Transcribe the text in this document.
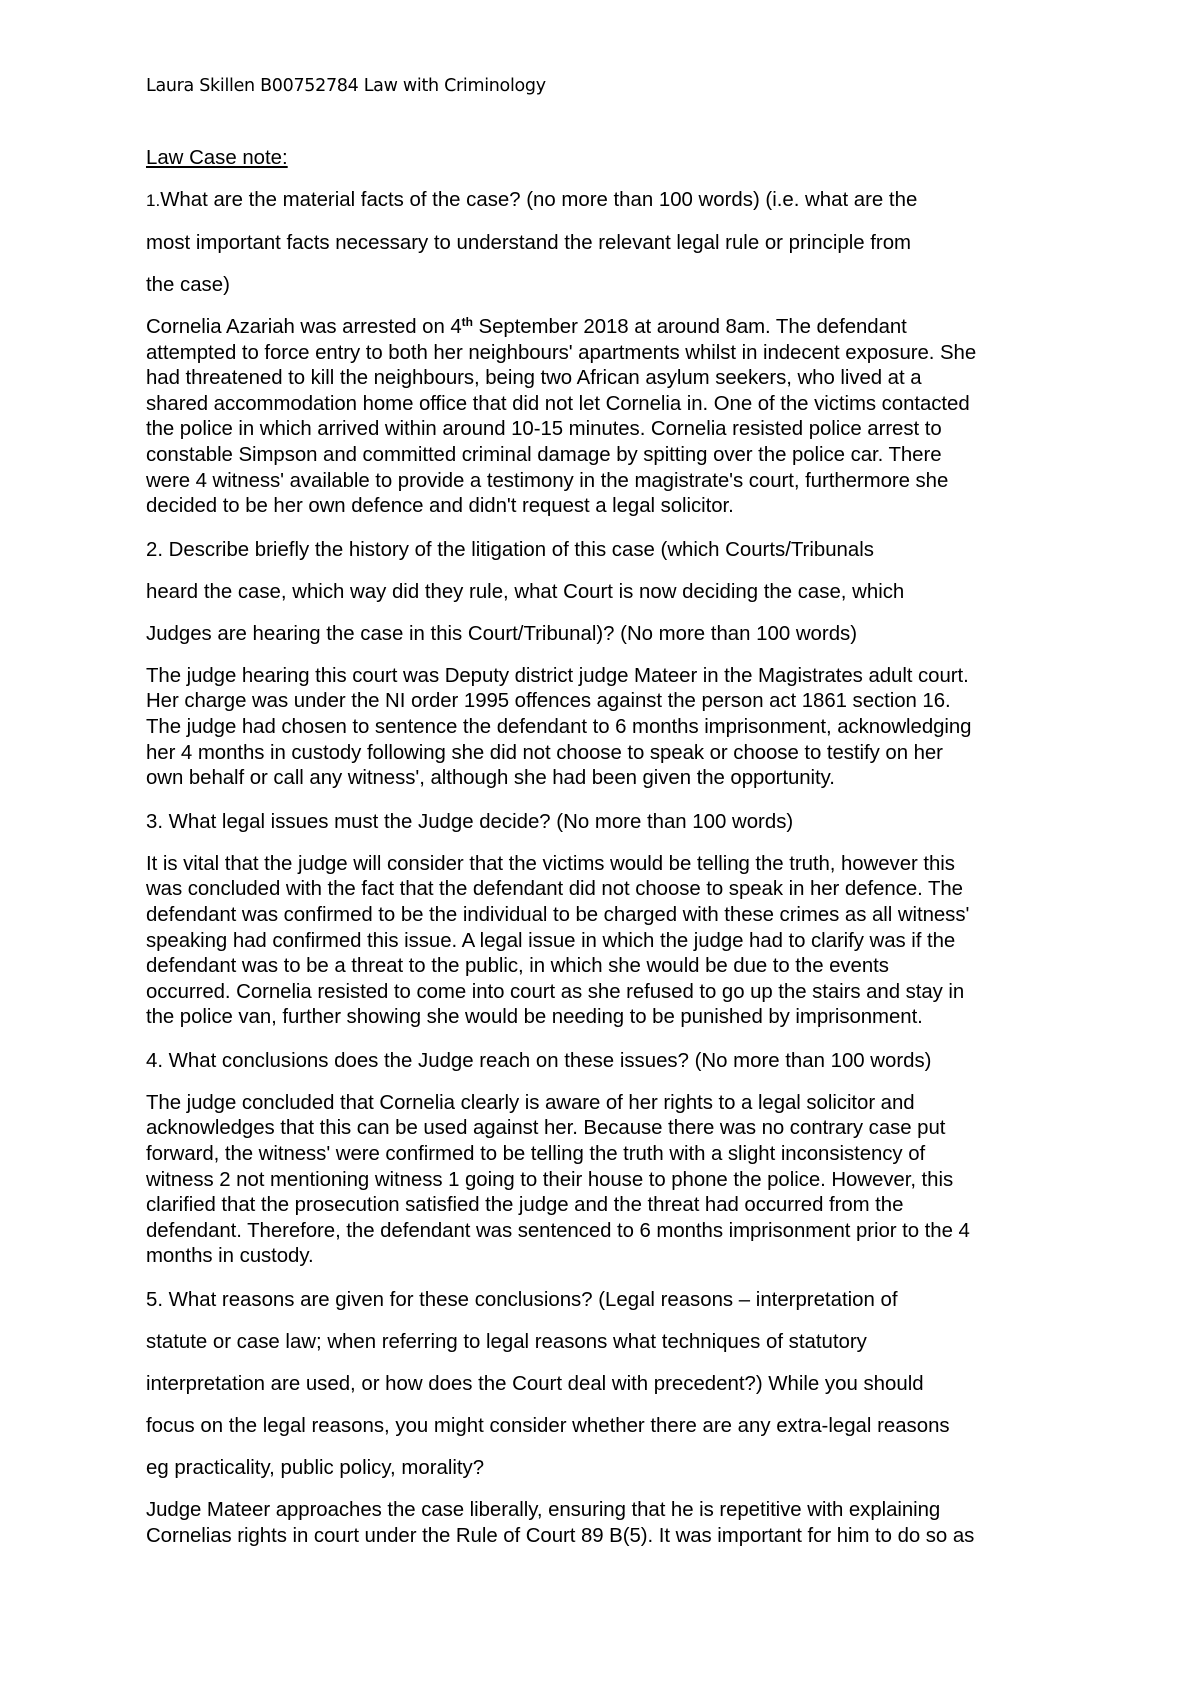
Laura Skillen B00752784 Law with Criminology

Law Case note:

1.What are the material facts of the case? (no more than 100 words) (i.e. what are the
most important facts necessary to understand the relevant legal rule or principle from
the case)
Cornelia Azariah was arrested on 4th September 2018 at around 8am. The defendant
attempted to force entry to both her neighbours' apartments whilst in indecent exposure. She
had threatened to kill the neighbours, being two African asylum seekers, who lived at a
shared accommodation home office that did not let Cornelia in. One of the victims contacted
the police in which arrived within around 10-15 minutes. Cornelia resisted police arrest to
constable Simpson and committed criminal damage by spitting over the police car. There
were 4 witness' available to provide a testimony in the magistrate's court, furthermore she
decided to be her own defence and didn't request a legal solicitor.
2. Describe briefly the history of the litigation of this case (which Courts/Tribunals
heard the case, which way did they rule, what Court is now deciding the case, which
Judges are hearing the case in this Court/Tribunal)? (No more than 100 words)
The judge hearing this court was Deputy district judge Mateer in the Magistrates adult court.
Her charge was under the NI order 1995 offences against the person act 1861 section 16.
The judge had chosen to sentence the defendant to 6 months imprisonment, acknowledging
her 4 months in custody following she did not choose to speak or choose to testify on her
own behalf or call any witness', although she had been given the opportunity.
3. What legal issues must the Judge decide? (No more than 100 words)
It is vital that the judge will consider that the victims would be telling the truth, however this
was concluded with the fact that the defendant did not choose to speak in her defence. The
defendant was confirmed to be the individual to be charged with these crimes as all witness'
speaking had confirmed this issue. A legal issue in which the judge had to clarify was if the
defendant was to be a threat to the public, in which she would be due to the events
occurred. Cornelia resisted to come into court as she refused to go up the stairs and stay in
the police van, further showing she would be needing to be punished by imprisonment.
4. What conclusions does the Judge reach on these issues? (No more than 100 words)
The judge concluded that Cornelia clearly is aware of her rights to a legal solicitor and
acknowledges that this can be used against her. Because there was no contrary case put
forward, the witness' were confirmed to be telling the truth with a slight inconsistency of
witness 2 not mentioning witness 1 going to their house to phone the police. However, this
clarified that the prosecution satisfied the judge and the threat had occurred from the
defendant. Therefore, the defendant was sentenced to 6 months imprisonment prior to the 4
months in custody.
5. What reasons are given for these conclusions? (Legal reasons – interpretation of
statute or case law; when referring to legal reasons what techniques of statutory
interpretation are used, or how does the Court deal with precedent?) While you should
focus on the legal reasons, you might consider whether there are any extra-legal reasons
eg practicality, public policy, morality?
Judge Mateer approaches the case liberally, ensuring that he is repetitive with explaining
Cornelias rights in court under the Rule of Court 89 B(5). It was important for him to do so as
